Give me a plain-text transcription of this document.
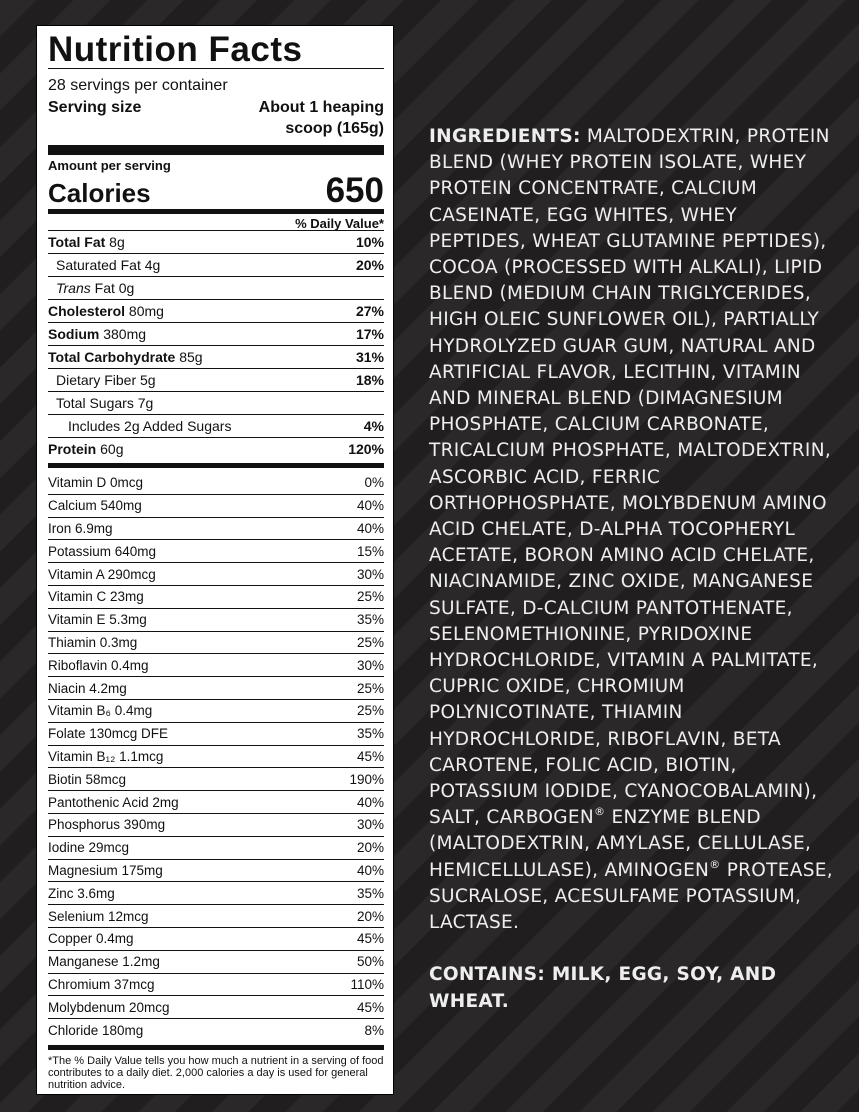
Nutrition Facts
28 servings per container
Serving size	About 1 heaping
scoop (165g)
Amount per serving
Calories	650
% Daily Value*
Total Fat 8g	10%
Saturated Fat 4g	20%
Trans Fat 0g
Cholesterol 80mg	27%
Sodium 380mg	17%
Total Carbohydrate 85g	31%
Dietary Fiber 5g	18%
Total Sugars 7g
Includes 2g Added Sugars	4%
Protein 60g	120%
Vitamin D 0mcg	0%
Calcium 540mg	40%
Iron 6.9mg	40%
Potassium 640mg	15%
Vitamin A 290mcg	30%
Vitamin C 23mg	25%
Vitamin E 5.3mg	35%
Thiamin 0.3mg	25%
Riboflavin 0.4mg	30%
Niacin 4.2mg	25%
Vitamin B₆ 0.4mg	25%
Folate 130mcg DFE	35%
Vitamin B₁₂ 1.1mcg	45%
Biotin 58mcg	190%
Pantothenic Acid 2mg	40%
Phosphorus 390mg	30%
Iodine 29mcg	20%
Magnesium 175mg	40%
Zinc 3.6mg	35%
Selenium 12mcg	20%
Copper 0.4mg	45%
Manganese 1.2mg	50%
Chromium 37mcg	110%
Molybdenum 20mcg	45%
Chloride 180mg	8%
*The % Daily Value tells you how much a nutrient in a serving of food contributes to a daily diet. 2,000 calories a day is used for general nutrition advice.
INGREDIENTS: MALTODEXTRIN, PROTEIN BLEND (WHEY PROTEIN ISOLATE, WHEY PROTEIN CONCENTRATE, CALCIUM CASEINATE, EGG WHITES, WHEY PEPTIDES, WHEAT GLUTAMINE PEPTIDES), COCOA (PROCESSED WITH ALKALI), LIPID BLEND (MEDIUM CHAIN TRIGLYCERIDES, HIGH OLEIC SUNFLOWER OIL), PARTIALLY HYDROLYZED GUAR GUM, NATURAL AND ARTIFICIAL FLAVOR, LECITHIN, VITAMIN AND MINERAL BLEND (DIMAGNESIUM PHOSPHATE, CALCIUM CARBONATE, TRICALCIUM PHOSPHATE, MALTODEXTRIN, ASCORBIC ACID, FERRIC ORTHOPHOSPHATE, MOLYBDENUM AMINO ACID CHELATE, D-ALPHA TOCOPHERYL ACETATE, BORON AMINO ACID CHELATE, NIACINAMIDE, ZINC OXIDE, MANGANESE SULFATE, D-CALCIUM PANTOTHENATE, SELENOMETHIONINE, PYRIDOXINE HYDROCHLORIDE, VITAMIN A PALMITATE, CUPRIC OXIDE, CHROMIUM POLYNICOTINATE, THIAMIN HYDROCHLORIDE, RIBOFLAVIN, BETA CAROTENE, FOLIC ACID, BIOTIN, POTASSIUM IODIDE, CYANOCOBALAMIN), SALT, CARBOGEN® ENZYME BLEND (MALTODEXTRIN, AMYLASE, CELLULASE, HEMICELLULASE), AMINOGEN® PROTEASE, SUCRALOSE, ACESULFAME POTASSIUM, LACTASE.
CONTAINS: MILK, EGG, SOY, AND WHEAT.
